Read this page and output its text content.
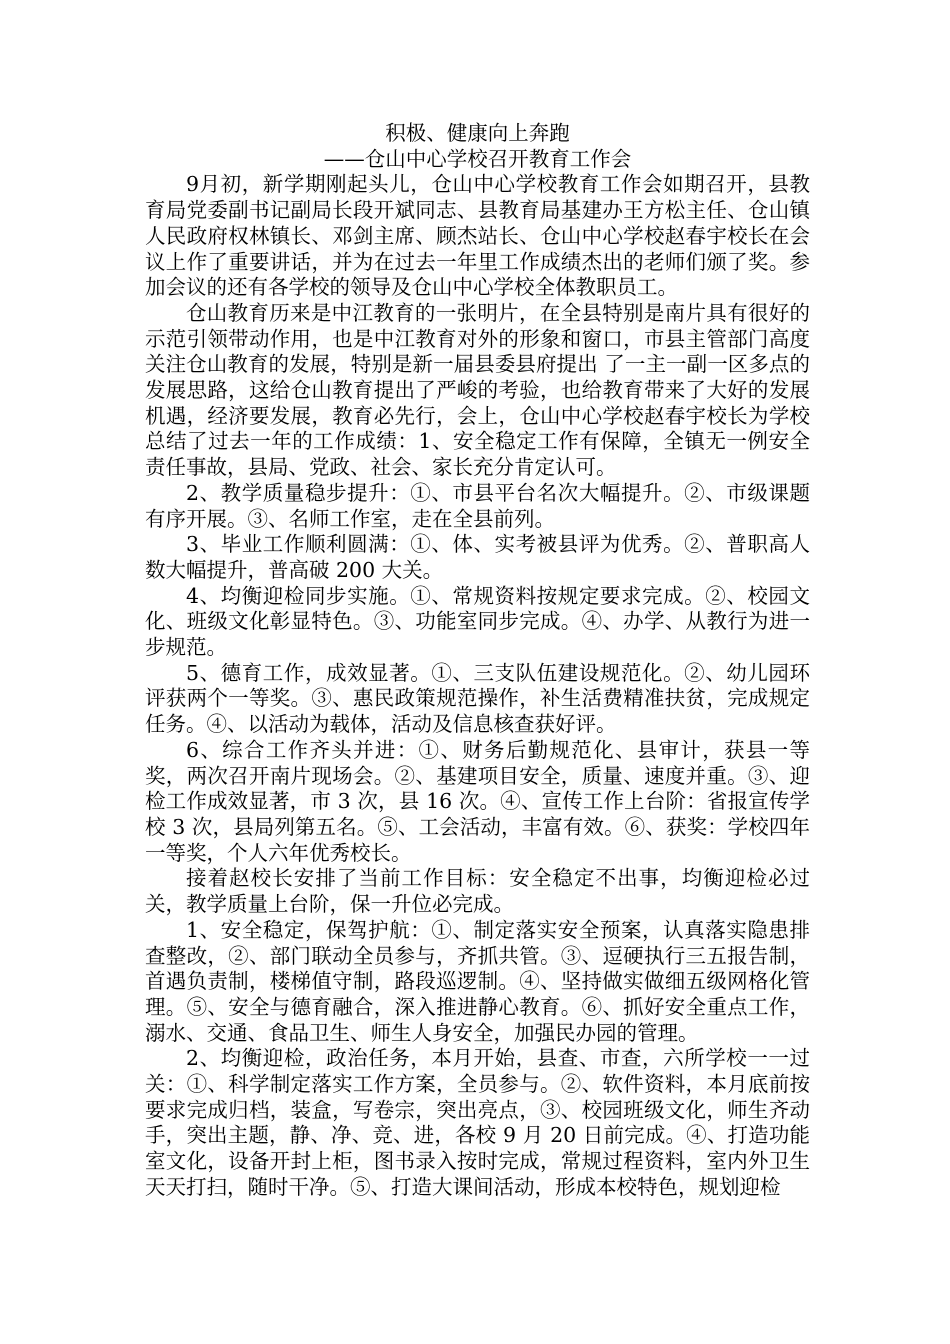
积极、健康向上奔跑
——仓山中心学校召开教育工作会

9月初，新学期刚起头儿，仓山中心学校教育工作会如期召开，县教育局党委副书记副局长段开斌同志、县教育局基建办王方松主任、仓山镇人民政府权林镇长、邓剑主席、顾杰站长、仓山中心学校赵春宇校长在会议上作了重要讲话，并为在过去一年里工作成绩杰出的老师们颁了奖。参加会议的还有各学校的领导及仓山中心学校全体教职员工。

仓山教育历来是中江教育的一张明片，在全县特别是南片具有很好的示范引领带动作用，也是中江教育对外的形象和窗口，市县主管部门高度关注仓山教育的发展，特别是新一届县委县府提出 了一主一副一区多点的发展思路，这给仓山教育提出了严峻的考验，也给教育带来了大好的发展机遇，经济要发展，教育必先行，会上，仓山中心学校赵春宇校长为学校总结了过去一年的工作成绩：1、安全稳定工作有保障，全镇无一例安全责任事故，县局、党政、社会、家长充分肯定认可。

2、教学质量稳步提升：①、市县平台名次大幅提升。②、市级课题有序开展。③、名师工作室，走在全县前列。

3、毕业工作顺利圆满：①、体、实考被县评为优秀。②、普职高人数大幅提升，普高破 200 大关。

4、均衡迎检同步实施。①、常规资料按规定要求完成。②、校园文化、班级文化彰显特色。③、功能室同步完成。④、办学、从教行为进一步规范。

5、德育工作，成效显著。①、三支队伍建设规范化。②、幼儿园环评获两个一等奖。③、惠民政策规范操作，补生活费精准扶贫，完成规定任务。④、以活动为载体，活动及信息核查获好评。

6、综合工作齐头并进：①、财务后勤规范化、县审计，获县一等奖，两次召开南片现场会。②、基建项目安全，质量、速度并重。③、迎检工作成效显著，市 3 次，县 16 次。④、宣传工作上台阶：省报宣传学校 3 次，县局列第五名。⑤、工会活动，丰富有效。⑥、获奖：学校四年一等奖，个人六年优秀校长。

接着赵校长安排了当前工作目标：安全稳定不出事，均衡迎检必过关，教学质量上台阶，保一升位必完成。

1、安全稳定，保驾护航：①、制定落实安全预案，认真落实隐患排查整改，②、部门联动全员参与，齐抓共管。③、逗硬执行三五报告制，首遇负责制，楼梯值守制，路段巡逻制。④、坚持做实做细五级网格化管理。⑤、安全与德育融合，深入推进静心教育。⑥、抓好安全重点工作，溺水、交通、食品卫生、师生人身安全，加强民办园的管理。

2、均衡迎检，政治任务，本月开始，县查、市查，六所学校一一过关：①、科学制定落实工作方案，全员参与。②、软件资料，本月底前按要求完成归档，装盒，写卷宗，突出亮点，③、校园班级文化，师生齐动手，突出主题，静、净、竞、进，各校 9 月 20 日前完成。④、打造功能室文化，设备开封上柜，图书录入按时完成，常规过程资料，室内外卫生天天打扫，随时干净。⑤、打造大课间活动，形成本校特色，规划迎检
